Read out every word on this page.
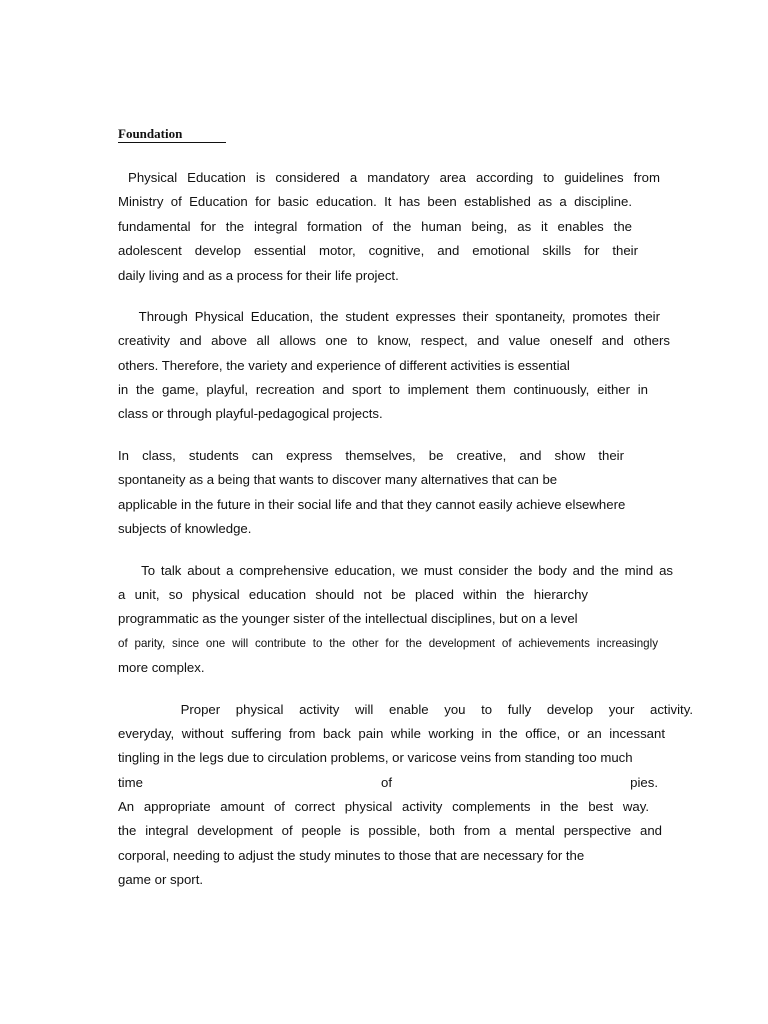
Foundation

Physical Education is considered a mandatory area according to guidelines from

Ministry of Education for basic education. It has been established as a discipline.

fundamental for the integral formation of the human being, as it enables the

adolescent develop essential motor, cognitive, and emotional skills for their

daily living and as a process for their life project.

Through Physical Education, the student expresses their spontaneity, promotes their

creativity and above all allows one to know, respect, and value oneself and others

others. Therefore, the variety and experience of different activities is essential

in the game, playful, recreation and sport to implement them continuously, either in

class or through playful-pedagogical projects.

In class, students can express themselves, be creative, and show their

spontaneity as a being that wants to discover many alternatives that can be

applicable in the future in their social life and that they cannot easily achieve elsewhere

subjects of knowledge.

To talk about a comprehensive education, we must consider the body and the mind as

a unit, so physical education should not be placed within the hierarchy

programmatic as the younger sister of the intellectual disciplines, but on a level

of parity, since one will contribute to the other for the development of achievements increasingly

more complex.

Proper physical activity will enable you to fully develop your activity.

everyday, without suffering from back pain while working in the office, or an incessant

tingling in the legs due to circulation problems, or varicose veins from standing too much

time of pies.

An appropriate amount of correct physical activity complements in the best way.

the integral development of people is possible, both from a mental perspective and

corporal, needing to adjust the study minutes to those that are necessary for the

game or sport.
